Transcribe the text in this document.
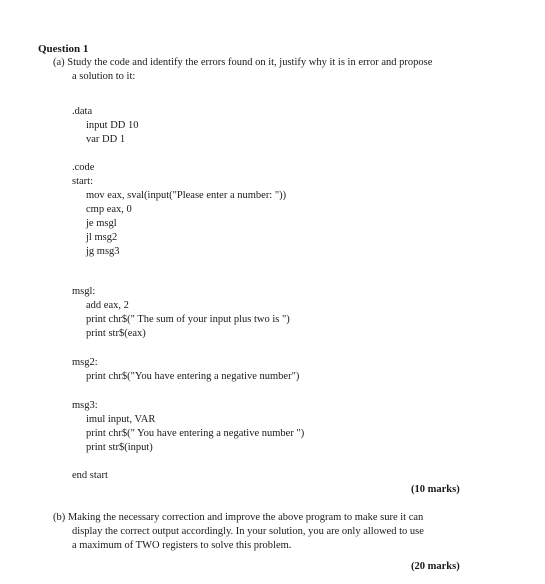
Question 1
(a) Study the code and identify the errors found on it, justify why it is in error and propose
a solution to it:
.data
input DD 10
var DD 1
.code
start:
mov eax, sval(input("Please enter a number: "))
cmp eax, 0
je msgl
jl msg2
jg msg3
msgl:
add eax, 2
print chr$(" The sum of your input plus two is ")
print str$(eax)
msg2:
print chr$("You have entering a negative number")
msg3:
imul input, VAR
print chr$(" You have entering a negative number ")
print str$(input)
end start
(10 marks)
(b) Making the necessary correction and improve the above program to make sure it can
display the correct output accordingly. In your solution, you are only allowed to use
a maximum of TWO registers to solve this problem.
(20 marks)
